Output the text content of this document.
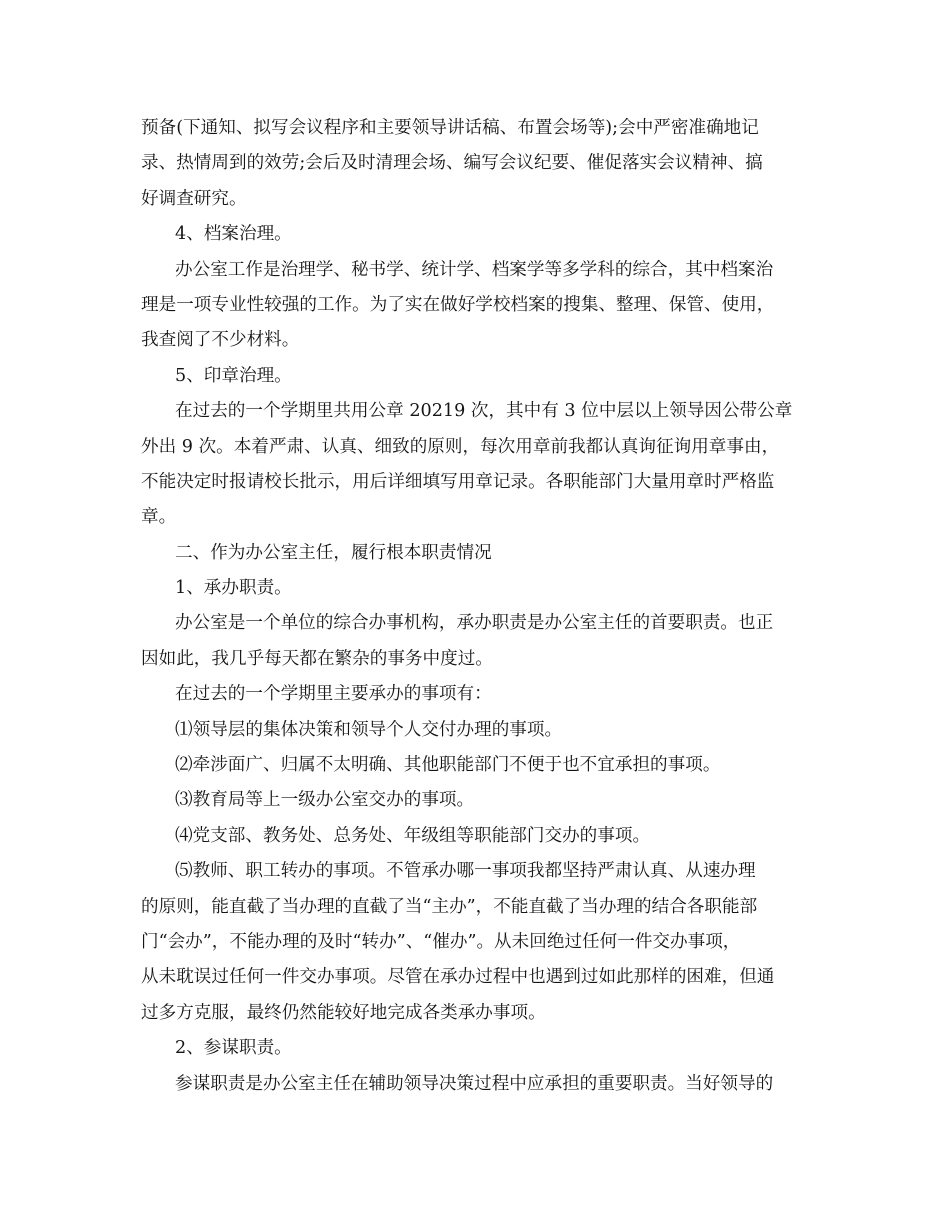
预备(下通知、拟写会议程序和主要领导讲话稿、布置会场等);会中严密准确地记
录、热情周到的效劳;会后及时清理会场、编写会议纪要、催促落实会议精神、搞
好调查研究。
4、档案治理。
办公室工作是治理学、秘书学、统计学、档案学等多学科的综合，其中档案治
理是一项专业性较强的工作。为了实在做好学校档案的搜集、整理、保管、使用，
我查阅了不少材料。
5、印章治理。
在过去的一个学期里共用公章 20219 次，其中有 3 位中层以上领导因公带公章
外出 9 次。本着严肃、认真、细致的原则，每次用章前我都认真询征询用章事由，
不能决定时报请校长批示，用后详细填写用章记录。各职能部门大量用章时严格监
章。
二、作为办公室主任，履行根本职责情况
1、承办职责。
办公室是一个单位的综合办事机构，承办职责是办公室主任的首要职责。也正
因如此，我几乎每天都在繁杂的事务中度过。
在过去的一个学期里主要承办的事项有：
⑴领导层的集体决策和领导个人交付办理的事项。
⑵牵涉面广、归属不太明确、其他职能部门不便于也不宜承担的事项。
⑶教育局等上一级办公室交办的事项。
⑷党支部、教务处、总务处、年级组等职能部门交办的事项。
⑸教师、职工转办的事项。不管承办哪一事项我都坚持严肃认真、从速办理
的原则，能直截了当办理的直截了当“主办”，不能直截了当办理的结合各职能部
门“会办”，不能办理的及时“转办”、“催办”。从未回绝过任何一件交办事项，
从未耽误过任何一件交办事项。尽管在承办过程中也遇到过如此那样的困难，但通
过多方克服，最终仍然能较好地完成各类承办事项。
2、参谋职责。
参谋职责是办公室主任在辅助领导决策过程中应承担的重要职责。当好领导的
